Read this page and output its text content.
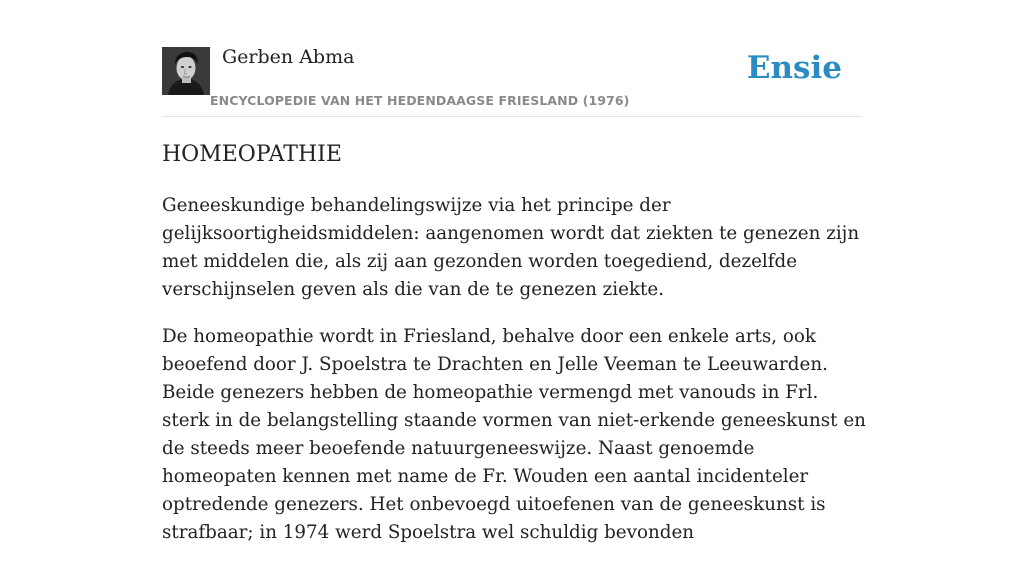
Gerben Abma
ENCYCLOPEDIE VAN HET HEDENDAAGSE FRIESLAND (1976)
Ensie
HOMEOPATHIE

Geneeskundige behandelingswijze via het principe der gelijksoortigheidsmiddelen: aangenomen wordt dat ziekten te genezen zijn met middelen die, als zij aan gezonden worden toegediend, dezelfde verschijnselen geven als die van de te genezen ziekte.

De homeopathie wordt in Friesland, behalve door een enkele arts, ook beoefend door J. Spoelstra te Drachten en Jelle Veeman te Leeuwarden. Beide genezers hebben de homeopathie vermengd met vanouds in Frl. sterk in de belangstelling staande vormen van niet-erkende geneeskunst en de steeds meer beoefende natuurgeneeswijze. Naast genoemde homeopaten kennen met name de Fr. Wouden een aantal incidenteler optredende genezers. Het onbevoegd uitoefenen van de geneeskunst is strafbaar; in 1974 werd Spoelstra wel schuldig bevonden
